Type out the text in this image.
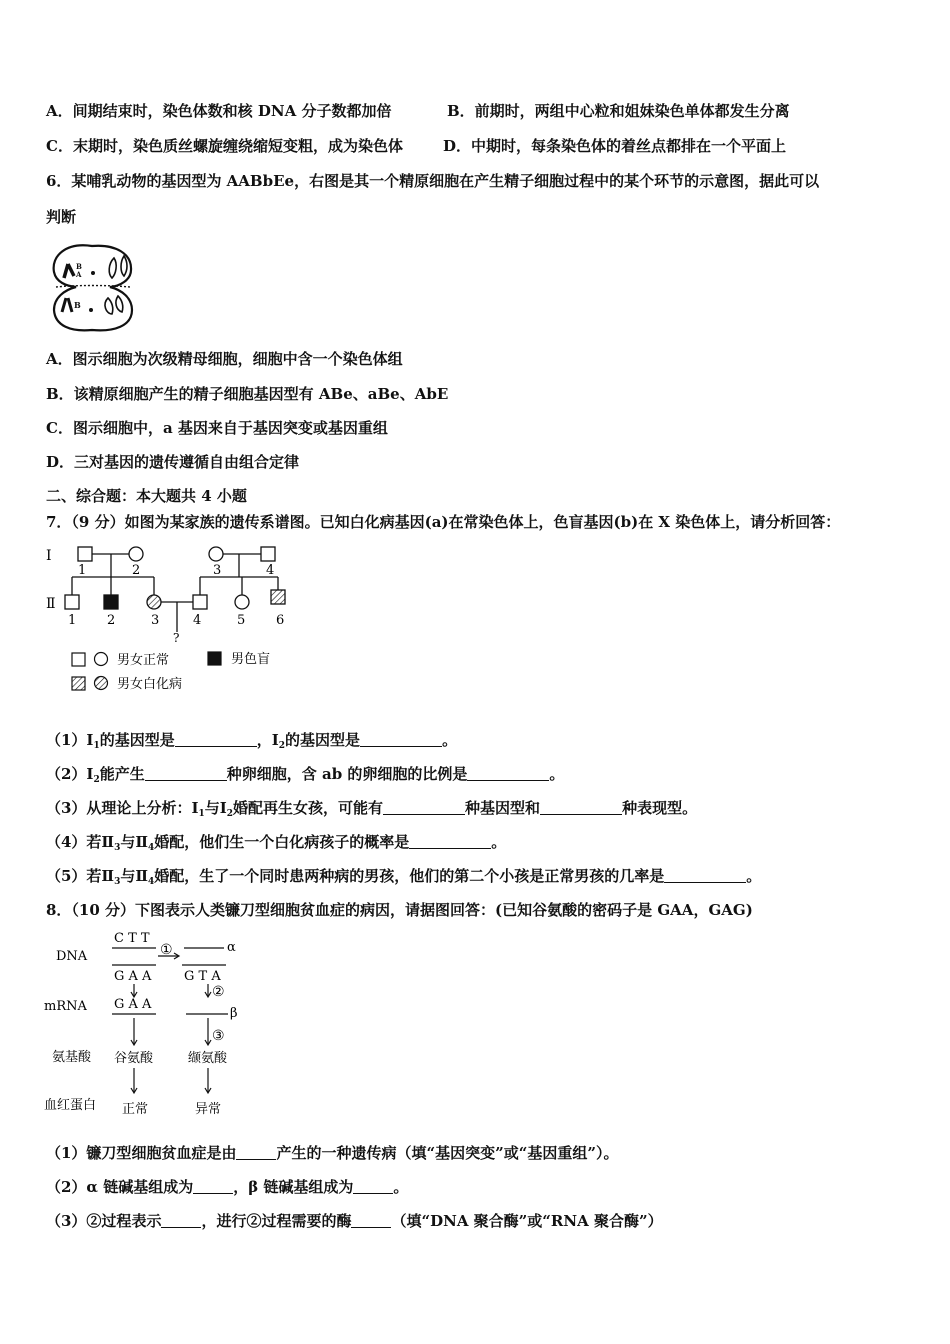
A．间期结束时，染色体数和核 DNA 分子数都加倍	B．前期时，两组中心粒和姐妹染色单体都发生分离
C．末期时，染色质丝螺旋缠绕缩短变粗，成为染色体	D．中期时，每条染色体的着丝点都排在一个平面上
6．某哺乳动物的基因型为 AABbEe，右图是其一个精原细胞在产生精子细胞过程中的某个环节的示意图，据此可以
判断
B
A
B
A．图示细胞为次级精母细胞，细胞中含一个染色体组
B．该精原细胞产生的精子细胞基因型有 ABe、aBe、AbE
C．图示细胞中，a 基因来自于基因突变或基因重组
D．三对基因的遗传遵循自由组合定律
二、综合题：本大题共 4 小题
7．（9 分）如图为某家族的遗传系谱图。已知白化病基因(a)在常染色体上，色盲基因(b)在 X 染色体上，请分析回答：
Ⅰ
Ⅱ
1	2	3	4
?
1 2	3	4	5 6
男女正常	男色盲
男女白化病
$(1)Ⅰ_1$的基因型是	，$Ⅰ_2$的基因型是	。
$(2)Ⅰ_2$能产生	种卵细胞，含 ab 的卵细胞的比例是	。
（3）从理论上分析：$Ⅰ_1$与$Ⅰ_2$婚配再生女孩，可能有	种基因型和	种表现型。
（4）若$Ⅱ_3$与$Ⅱ_4$婚配，他们生一个白化病孩子的概率是	。
（5）若$Ⅱ_3$与$Ⅱ_4$婚配，生了一个同时患两种病的男孩，他们的第二个小孩是正常男孩的几率是	。
8．（10 分）下图表示人类镰刀型细胞贫血症的病因，请据图回答：(已知谷氨酸的密码子是 GAA，GAG)
DNA
mRNA
氨基酸
血红蛋白
C T T
G A A
①	α
G T A
G A A
②
β
③
谷氨酸	缬氨酸
正常	异常
（1）镰刀型细胞贫血症是由	产生的一种遗传病（填“基因突变”或“基因重组”）。
（2）α 链碱基组成为	，β 链碱基组成为	。
（3）②过程表示	，进行②过程需要的酶	（填“DNA 聚合酶”或“RNA 聚合酶”）
